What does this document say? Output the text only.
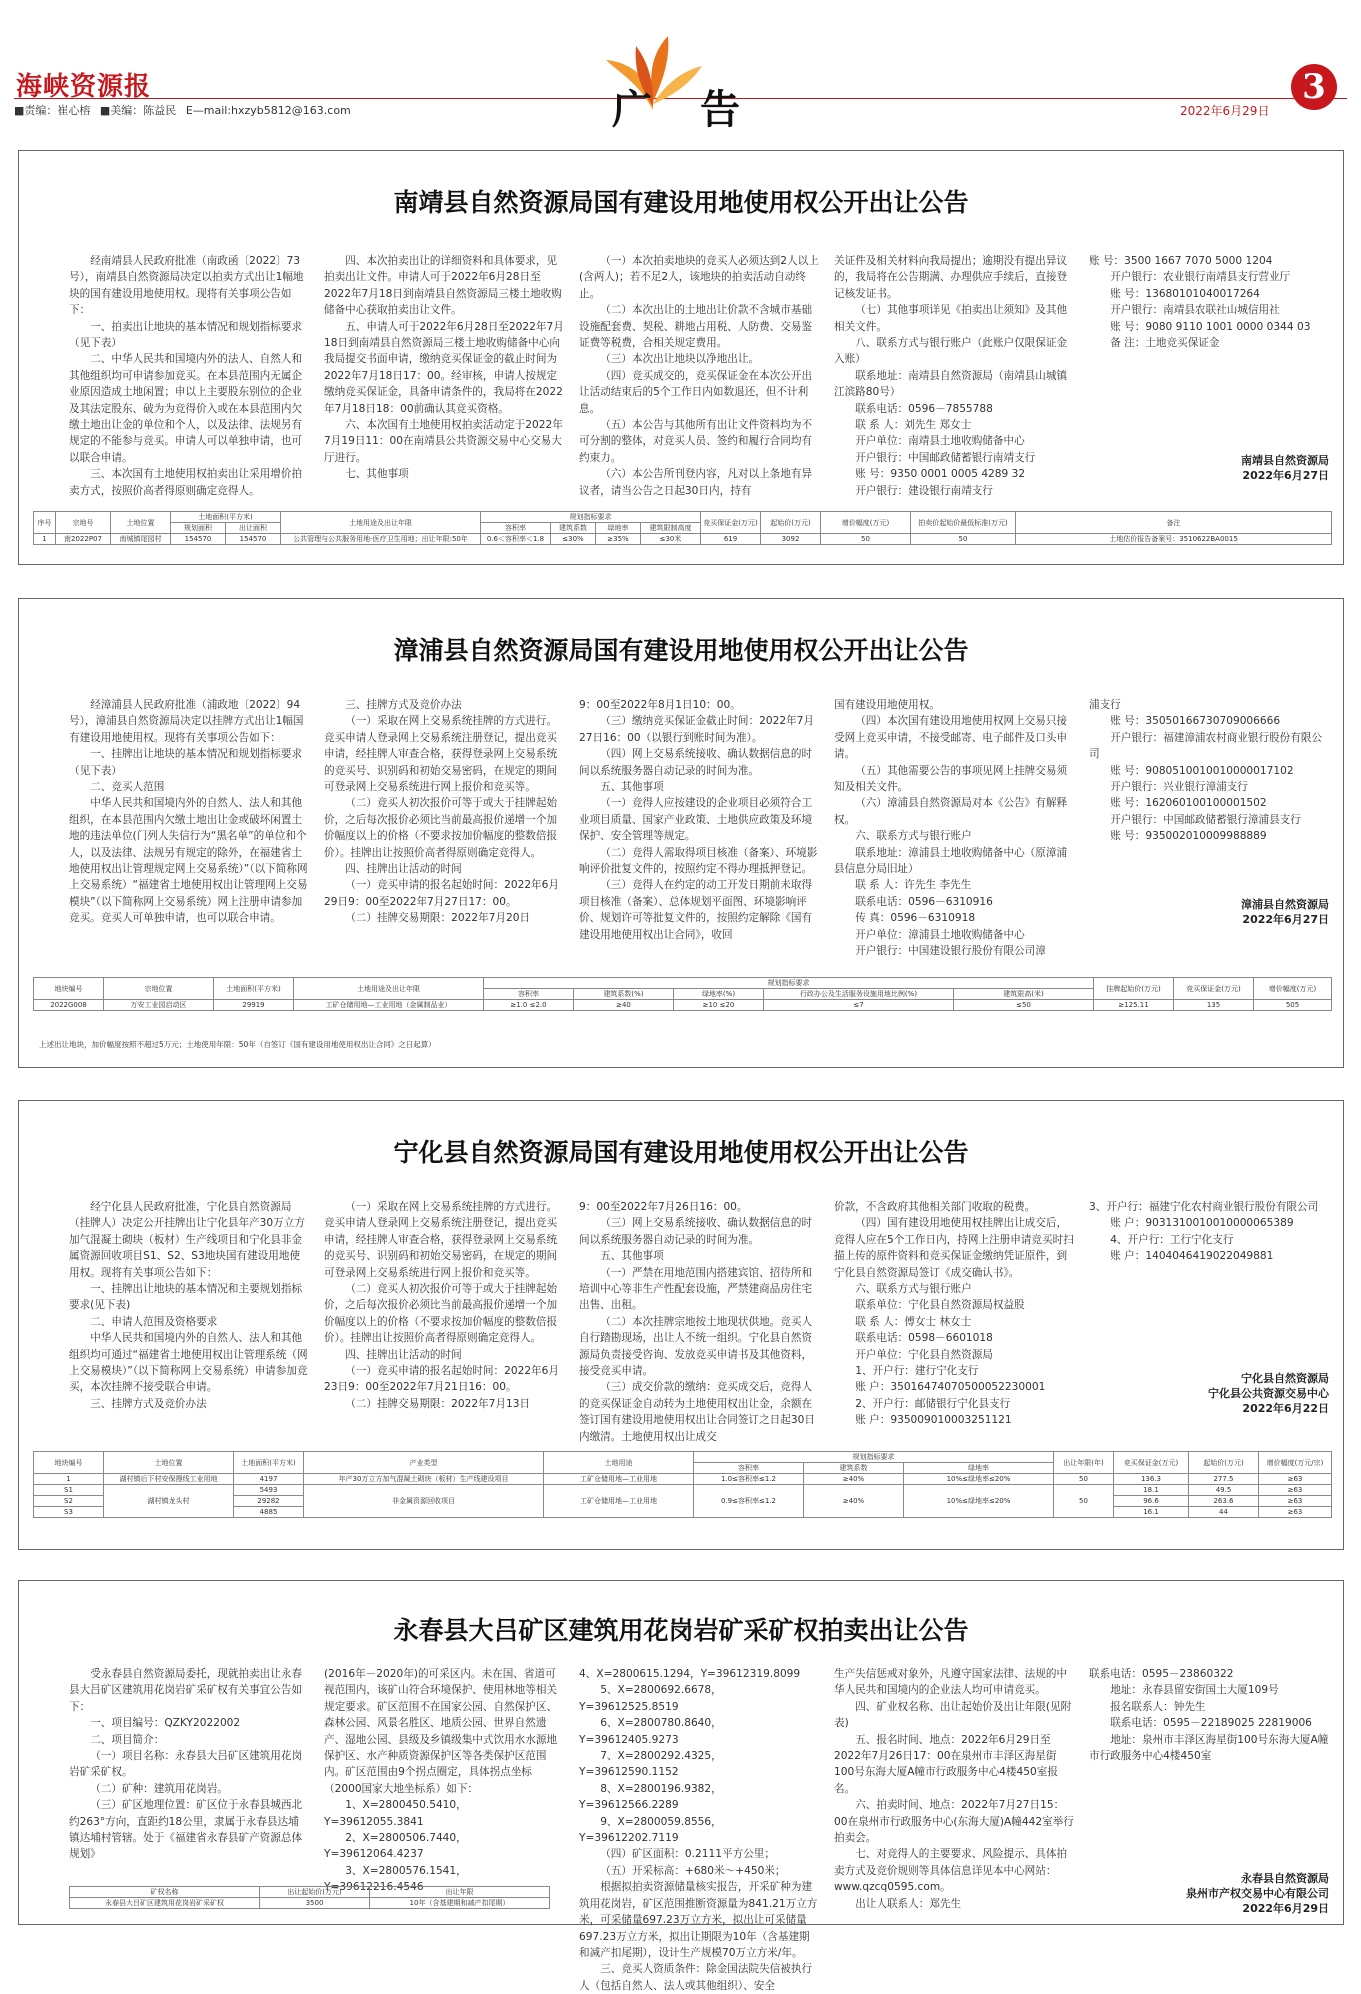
海峡资源报
■责编：崔心榕 ■美编：陈益民 E—mail:hxzyb5812@163.com	广告	2022年6月29日
3
南靖县自然资源局国有建设用地使用权公开出让公告

经南靖县人民政府批准（南政函〔2022〕73号），南靖县自然资源局决定以拍卖方式出让1幅地块的国有建设用地使用权。现将有关事项公告如下：

一、拍卖出让地块的基本情况和规划指标要求（见下表）

二、中华人民共和国境内外的法人、自然人和其他组织均可申请参加竞买。在本县范围内无属企业原因造成土地闲置；申以上主要股东别位的企业及其法定股东、破为为竞得价入或在本县范围内欠缴土地出让金的单位和个人，以及法律、法规另有规定的不能参与竞买。申请人可以单独申请，也可以联合申请。

三、本次国有土地使用权拍卖出让采用增价拍卖方式，按照价高者得原则确定竞得人。

四、本次拍卖出让的详细资料和具体要求，见拍卖出让文件。申请人可于2022年6月28日至2022年7月18日到南靖县自然资源局三楼土地收购储备中心获取拍卖出让文件。

五、申请人可于2022年6月28日至2022年7月18日到南靖县自然资源局三楼土地收购储备中心向我局提交书面申请，缴纳竞买保证金的截止时间为2022年7月18日17：00。经审核，申请人按规定缴纳竞买保证金，具备申请条件的，我局将在2022年7月18日18：00前确认其竞买资格。

六、本次国有土地使用权拍卖活动定于2022年7月19日11：00在南靖县公共资源交易中心交易大厅进行。

七、其他事项

（一）本次拍卖地块的竞买人必须达到2人以上(含两人)；若不足2人，该地块的拍卖活动自动终止。

（二）本次出让的土地出让价款不含城市基础设施配套费、契税、耕地占用税、人防费、交易鉴证费等税费，合相关规定费用。

（三）本次出让地块以净地出让。

（四）竞买成交的，竞买保证金在本次公开出让活动结束后的5个工作日内如数退还，但不计利息。

（五）本公告与其他所有出让文件资料均为不可分割的整体，对竞买人员、签约和履行合同均有约束力。

（六）本公告所刊登内容，凡对以上条地有异议者，请当公告之日起30日内，持有

关证件及相关材料向我局提出；逾期没有提出异议的，我局将在公告期满、办理供应手续后，直接登记核发证书。

（七）其他事项详见《拍卖出让须知》及其他相关文件。

八、联系方式与银行账户（此账户仅限保证金入账）

联系地址：南靖县自然资源局（南靖县山城镇江滨路80号）

联系电话：0596－7855788

联 系 人：刘先生 郑女士

开户单位：南靖县土地收购储备中心

开户银行：中国邮政储蓄银行南靖支行

账 号：9350 0001 0005 4289 32

开户银行：建设银行南靖支行

账 号：3500 1667 7070 5000 1204

开户银行：农业银行南靖县支行营业厅

账 号：13680101040017264

开户银行：南靖县农联社山城信用社

账 号：9080 9110 1001 0000 0344 03

备 注：土地竞买保证金

南靖县自然资源局
2022年6月27日
序号	宗地号	土地位置	土地面积(平方米)		土地用途及出让年限	规划指标要求				竞买保证金(万元)	起始价(万元)	增价幅度(万元)	拍卖价起始价最低标准(万元)	备注
			规划面积	出让面积		容积率	建筑系数	绿地率	建筑限制高度					
1	南2022P07	南城镇尾园村	154570	154570	公共管理与公共服务用地-医疗卫生用地；出让年限:50年	0.6＜容积率＜1.8	≤30%	≥35%	≤30米	619	3092	50	50	土地估价报告备案号：3510622BA0015
漳浦县自然资源局国有建设用地使用权公开出让公告

经漳浦县人民政府批准（浦政地〔2022〕94号），漳浦县自然资源局决定以挂牌方式出让1幅国有建设用地使用权。现将有关事项公告如下：

一、挂牌出让地块的基本情况和规划指标要求（见下表）

二、竞买人范围

中华人民共和国境内外的自然人、法人和其他组织，在本县范围内欠缴土地出让金或破坏闲置土地的违法单位(门列人失信行为“黑名单”的单位和个人，以及法律、法规另有规定的除外，在福建省土地使用权出让管理规定网上交易系统）”（以下简称网上交易系统）“福建省土地使用权出让管理网上交易模块”（以下简称网上交易系统）网上注册申请参加竞买。竞买人可单独申请，也可以联合申请。

三、挂牌方式及竞价办法

（一）采取在网上交易系统挂牌的方式进行。竞买申请人登录网上交易系统注册登记，提出竞买申请，经挂牌人审查合格，获得登录网上交易系统的竞买号、识别码和初始交易密码，在规定的期间可登录网上交易系统进行网上报价和竞买等。

（二）竞买人初次报价可等于或大于挂牌起始价，之后每次报价必须比当前最高报价递增一个加价幅度以上的价格（不要求按加价幅度的整数倍报价）。挂牌出让按照价高者得原则确定竞得人。

四、挂牌出让活动的时间

（一）竞买申请的报名起始时间：2022年6月29日9：00至2022年7月27日17：00。

（二）挂牌交易期限：2022年7月20日

9：00至2022年8月1日10：00。

（三）缴纳竞买保证金截止时间：2022年7月27日16：00（以银行到账时间为准）。

（四）网上交易系统接收、确认数据信息的时间以系统服务器自动记录的时间为准。

五、其他事项

（一）竞得人应按建设的企业项目必须符合工业项目质量、国家产业政策、土地供应政策及环境保护、安全管理等规定。

（二）竞得人需取得项目核准（备案）、环境影响评价批复文件的，按照约定不得办理抵押登记。

（三）竞得人在约定的动工开发日期前未取得项目核准（备案）、总体规划平面图、环境影响评价、规划许可等批复文件的，按照约定解除《国有建设用地使用权出让合同》，收回

国有建设用地使用权。

（四）本次国有建设用地使用权网上交易只接受网上竞买申请，不接受邮寄、电子邮件及口头申请。

（五）其他需要公告的事项见网上挂牌交易须知及相关文件。

（六）漳浦县自然资源局对本《公告》有解释权。

六、联系方式与银行账户

联系地址：漳浦县土地收购储备中心（原漳浦县信息分局旧址）

联 系 人：许先生 李先生

联系电话：0596－6310916

传 真：0596－6310918

开户单位：漳浦县土地收购储备中心

开户银行：中国建设银行股份有限公司漳

浦支行

账 号：35050166730709006666

开户银行：福建漳浦农村商业银行股份有限公司

账 号：9080510010010000017102

开户银行：兴业银行漳浦支行

账 号：162060100100001502

开户银行：中国邮政储蓄银行漳浦县支行

账 号：935002010009988889

漳浦县自然资源局
2022年6月27日
地块编号	宗地位置	土地面积(平方米)	土地用途及出让年限	规划指标要求					挂牌起始价(万元)	竞买保证金(万元)	增价幅度(万元)
				容积率	建筑系数(%)	绿地率(%)	行政办公及生活服务设施用地比例(%)	建筑限高(米)			
2022G008	万安工业园启动区	29919	工矿仓储用地—工业用地（金属制品业）	≥1.0 ≤2.0	≥40	≥10 ≤20	≤7	≤50	≥125.11	135	505
上述出让地块，加价幅度按照不超过5万元；土地使用年限：50年（自签订《国有建设用地使用权出让合同》之日起算）
宁化县自然资源局国有建设用地使用权公开出让公告

经宁化县人民政府批准，宁化县自然资源局（挂牌人）决定公开挂牌出让宁化县年产30万立方加气混凝土砌块（板材）生产线项目和宁化县非金属资源回收项目S1、S2、S3地块国有建设用地使用权。现将有关事项公告如下：

一、挂牌出让地块的基本情况和主要规划指标要求(见下表)

二、申请人范围及资格要求

中华人民共和国境内外的自然人、法人和其他组织均可通过“福建省土地使用权出让管理系统（网上交易模块）”（以下简称网上交易系统）申请参加竞买，本次挂牌不接受联合申请。

三、挂牌方式及竞价办法

（一）采取在网上交易系统挂牌的方式进行。竞买申请人登录网上交易系统注册登记，提出竞买申请，经挂牌人审查合格，获得登录网上交易系统的竞买号、识别码和初始交易密码，在规定的期间可登录网上交易系统进行网上报价和竞买等。

（二）竞买人初次报价可等于或大于挂牌起始价，之后每次报价必须比当前最高报价递增一个加价幅度以上的价格（不要求按加价幅度的整数倍报价）。挂牌出让按照价高者得原则确定竞得人。

四、挂牌出让活动的时间

（一）竞买申请的报名起始时间：2022年6月23日9：00至2022年7月21日16：00。

（二）挂牌交易期限：2022年7月13日

9：00至2022年7月26日16：00。

（三）网上交易系统接收、确认数据信息的时间以系统服务器自动记录的时间为准。

五、其他事项

（一）严禁在用地范围内搭建宾馆、招待所和培训中心等非生产性配套设施，严禁建商品房住宅出售、出租。

（二）本次挂牌宗地按土地现状供地。竞买人自行踏勘现场，出让人不统一组织。宁化县自然资源局负责接受咨询、发放竞买申请书及其他资料，接受竞买申请。

（三）成交价款的缴纳：竞买成交后，竞得人的竞买保证金自动转为土地使用权出让金，余额在签订国有建设用地使用权出让合同签订之日起30日内缴清。土地使用权出让成交

价款，不含政府其他相关部门收取的税费。

（四）国有建设用地使用权挂牌出让成交后，竞得人应在5个工作日内，持网上注册申请竞买时扫描上传的原件资料和竞买保证金缴纳凭证原件，到宁化县自然资源局签订《成交确认书》。

六、联系方式与银行账户

联系单位：宁化县自然资源局权益股

联 系 人：傅女士 林女士

联系电话：0598－6601018

开户单位：宁化县自然资源局

1、开户行：建行宁化支行

账 户：35016474070500052230001

2、开户行：邮储银行宁化县支行

账 户：935009010003251121

3、开户行：福建宁化农村商业银行股份有限公司

账 户：9031310010010000065389

4、开户行：工行宁化支行

账 户：1404046419022049881

宁化县自然资源局
宁化县公共资源交易中心
2022年6月22日
地块编号	土地位置	土地面积(平方米)	产业类型	土地用途	规划指标要求			出让年限(年)	竞买保证金(万元)	起始价(万元)	增价幅度(万元/宗)
					容积率	建筑系数	绿地率				
1	湖村镇后下村安保搜线工业用地	4197	年产30万立方加气混凝土砌块（板材）生产线建设项目	工矿仓储用地—工业用地	1.0≤容积率≤1.2	≥40%	10%≤绿地率≤20%	50	136.3	277.5	≥63
S1	湖村镇龙头村	5493	非金属资源回收项目	工矿仓储用地—工业用地	0.9≤容积率≤1.2	≥40%	10%≤绿地率≤20%	50	18.1	49.5	≥63
S2		29282							96.6	263.6	≥63
S3		4885							16.1	44	≥63
永春县大吕矿区建筑用花岗岩矿采矿权拍卖出让公告

受永春县自然资源局委托，现就拍卖出让永春县大吕矿区建筑用花岗岩矿采矿权有关事宜公告如下：

一、项目编号：QZKY2022002

二、项目简介：

（一）项目名称：永春县大吕矿区建筑用花岗岩矿采矿权。

（二）矿种：建筑用花岗岩。

（三）矿区地理位置：矿区位于永春县城西北约263°方向，直距约18公里，隶属于永春县达埔镇达埔村管辖。处于《福建省永春县矿产资源总体规划》

(2016年－2020年)的可采区内。未在国、省道可视范围内，该矿山符合环境保护、使用林地等相关规定要求。矿区范围不在国家公园、自然保护区、森林公园、风景名胜区、地质公园、世界自然遗产、湿地公园、县级及乡镇级集中式饮用水水源地保护区、水产种质资源保护区等各类保护区范围内。矿区范围由9个拐点圈定，具体拐点坐标（2000国家大地坐标系）如下：

1、X=2800450.5410，Y=39612055.3841

2、X=2800506.7440，Y=39612064.4237

3、X=2800576.1541，Y=39612216.4546

4、X=2800615.1294，Y=39612319.8099

5、X=2800692.6678，Y=39612525.8519

6、X=2800780.8640，Y=39612405.9273

7、X=2800292.4325，Y=39612590.1152

8、X=2800196.9382，Y=39612566.2289

9、X=2800059.8556，Y=39612202.7119

（四）矿区面积：0.2111平方公里；

（五）开采标高：+680米～+450米；

根据拟拍卖资源储量核实报告，开采矿种为建筑用花岗岩，矿区范围推断资源量为841.21万立方米，可采储量697.23万立方米，拟出让可采储量697.23万立方米，拟出让期限为10年（含基建期和减产扣尾期），设计生产规模70万立方米/年。

三、竞买人资质条件：除金国法院失信被执行人（包括自然人、法人或其他组织）、安全

生产失信惩戒对象外，凡遵守国家法律、法规的中华人民共和国境内的企业法人均可申请竞买。

四、矿业权名称、出让起始价及出让年限(见附表)

五、报名时间、地点：2022年6月29日至2022年7月26日17：00在泉州市丰泽区海星街100号东海大厦A幢市行政服务中心4楼450室报名。

六、拍卖时间、地点：2022年7月27日15：00在泉州市行政服务中心(东海大厦)A幢442室举行拍卖会。

七、对竞得人的主要要求、风险提示、具体拍卖方式及竞价规则等具体信息详见本中心网站：www.qzcq0595.com。

出让人联系人：郑先生

联系电话：0595－23860322

地址：永春县留安街国土大厦109号

报名联系人：钟先生

联系电话：0595－22189025 22819006

地址：泉州市丰泽区海星街100号东海大厦A幢市行政服务中心4楼450室

永春县自然资源局
泉州市产权交易中心有限公司
2022年6月29日
矿权名称	出让起始价(万元)	出让年限
永春县大吕矿区建筑用花岗岩矿采矿权	3500	10年（含基建期和减产扣尾期）
